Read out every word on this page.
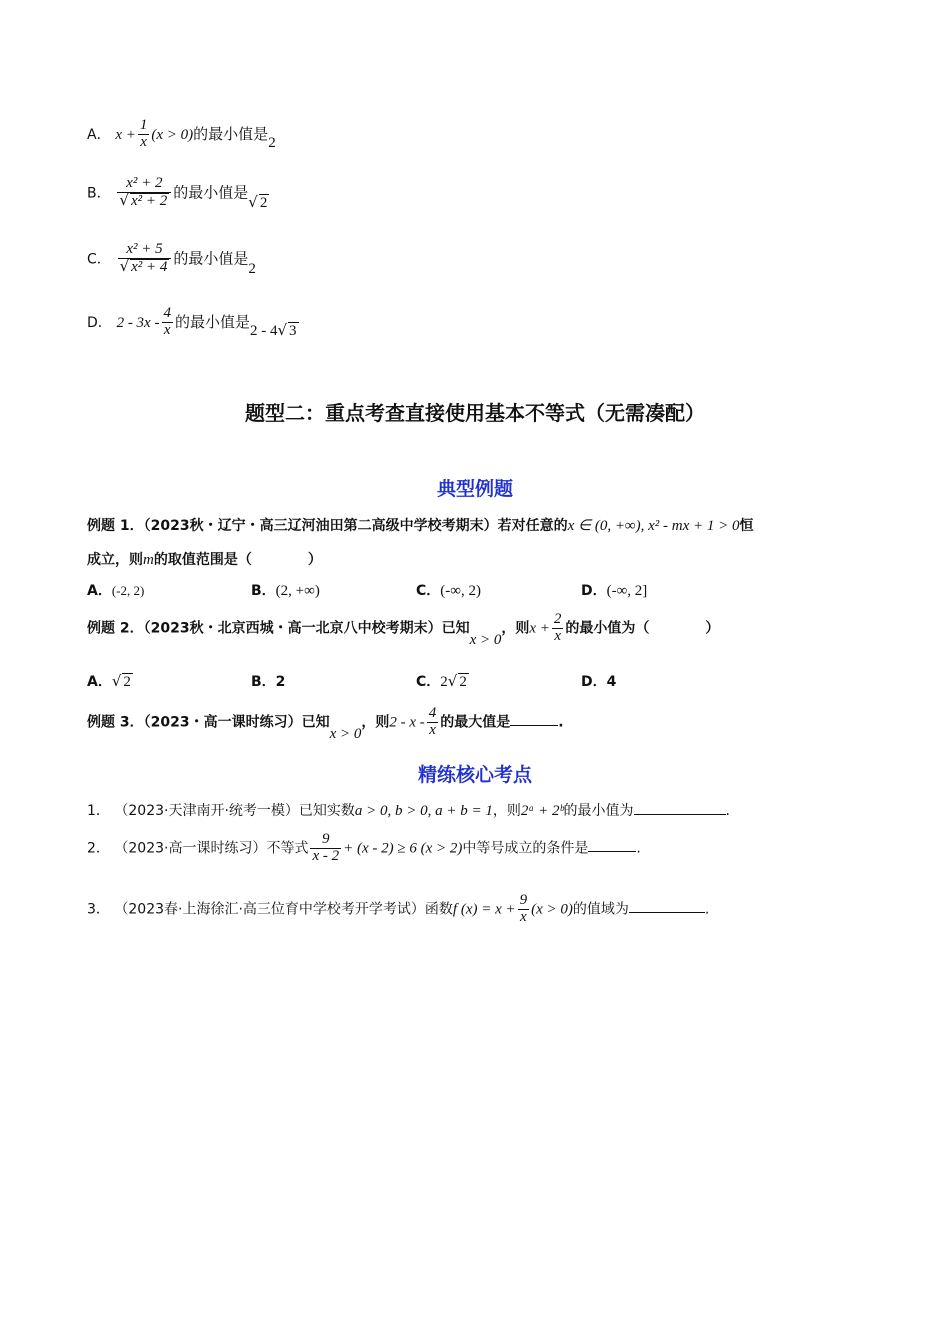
A． $x + \frac{1}{x} (x > 0)$的最小值是2
B． $\frac{\text{x² + 2}}{\text{√ x² + 2}}$ 的最小值是√ 2
C． $\frac{\text{x² + 5}}{\text{√ x² + 4}}$ 的最小值是2
D． $2 - 3x - \frac{4}{x}$ 的最小值是2 - 4√ 3
题型二：重点考查直接使用基本不等式（无需凑配）
典型例题
例题 1．（2023秋・辽宁・高三辽河油田第二高级中学校考期末）若对任意的x ∈ (0, +∞), x² - mx + 1 > 0恒
成立，则m的取值范围是（　　　　）
A．(-2, 2)	B．(2, +∞)	C．(-∞, 2)	D．(-∞, 2]
例题 2．（2023秋・北京西城・高一北京八中校考期末）已知x > 0，则$x + \frac{2}{x}$ 的最小值为（　　　　）
A．√ 2	B．2	C．2√ 2	D．4
例题 3．（2023・高一课时练习）已知x > 0，则2 - x - $\frac{4}{x}$ 的最大值是	.
精练核心考点
1． （2023·天津南开·统考一模）已知实数a > 0, b > 0, a + b = 1，则2ᵃ + 2ᵇ的最小值为	.
2． （2023·高一课时练习）不等式 $\frac{9}{x - 2} + (x - 2) \ge 6$ (x > 2)中等号成立的条件是	.
3． （2023春·上海徐汇·高三位育中学校考开学考试）函数f $(x) = x + \frac{9}{x} (x > 0)$的值域为	.
